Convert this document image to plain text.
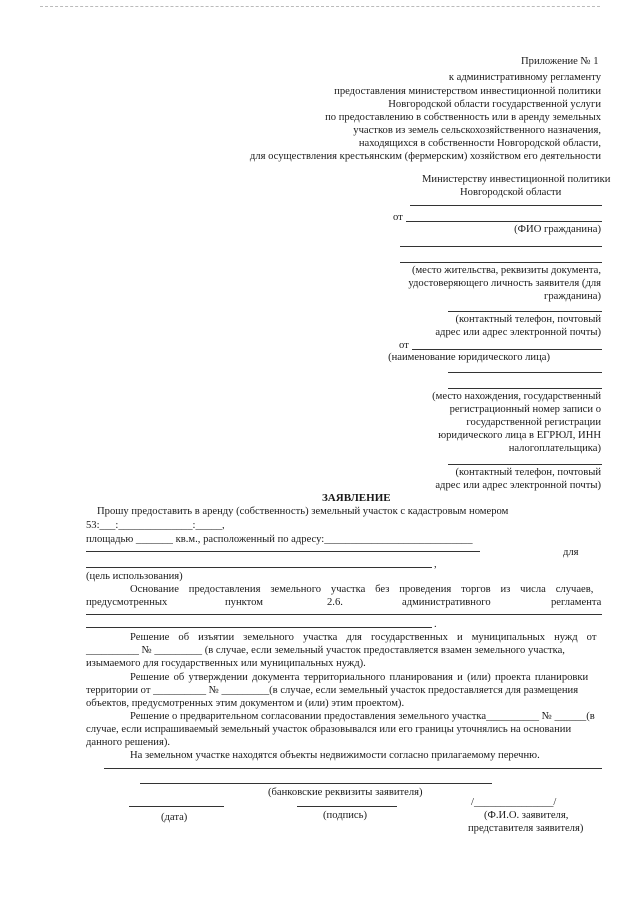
Приложение № 1
к административному регламенту
предоставления министерством инвестиционной политики
Новгородской области государственной услуги
по предоставлению в собственность или в аренду земельных
участков из земель сельскохозяйственного назначения,
находящихся в собственности Новгородской области,
для осуществления крестьянским (фермерским) хозяйством его деятельности
Министерству инвестиционной политики
Новгородской области
от
(ФИО гражданина)
(место жительства, реквизиты документа,
удостоверяющего личность заявителя (для
гражданина)
(контактный телефон, почтовый
адрес или адрес электронной почты)
от
(наименование юридического лица)
(место нахождения, государственный
регистрационный номер записи о
государственной регистрации
юридического лица в ЕГРЮЛ, ИНН
налогоплательщика)
(контактный телефон, почтовый
адрес или адрес электронной почты)
ЗАЯВЛЕНИЕ
Прошу предоставить в аренду (собственность) земельный участок с кадастровым номером
53:___:______________:_____,
площадью _______ кв.м., расположенный по адресу:____________________________
для
,
(цель использования)
Основание предоставления земельного участка без проведения торгов из числа случаев,
предусмотренных	пунктом	2.6.	административного	регламента
.
Решение об изъятии земельного участка для государственных и муниципальных нужд от
__________ № _________ (в случае, если земельный участок предоставляется взамен земельного участка,
изымаемого для государственных или муниципальных нужд).
Решение об утверждении документа территориального планирования и (или) проекта планировки
территории от __________ № _________(в случае, если земельный участок предоставляется для размещения
объектов, предусмотренных этим документом и (или) этим проектом).
Решение о предварительном согласовании предоставления земельного участка__________ № ______(в
случае, если испрашиваемый земельный участок образовывался или его границы уточнялись на основании
данного решения).
На земельном участке находятся объекты недвижимости согласно прилагаемому перечню.
(банковские реквизиты заявителя)
/_______________/
(дата)	(подпись)	(Ф.И.О. заявителя,
представителя заявителя)
